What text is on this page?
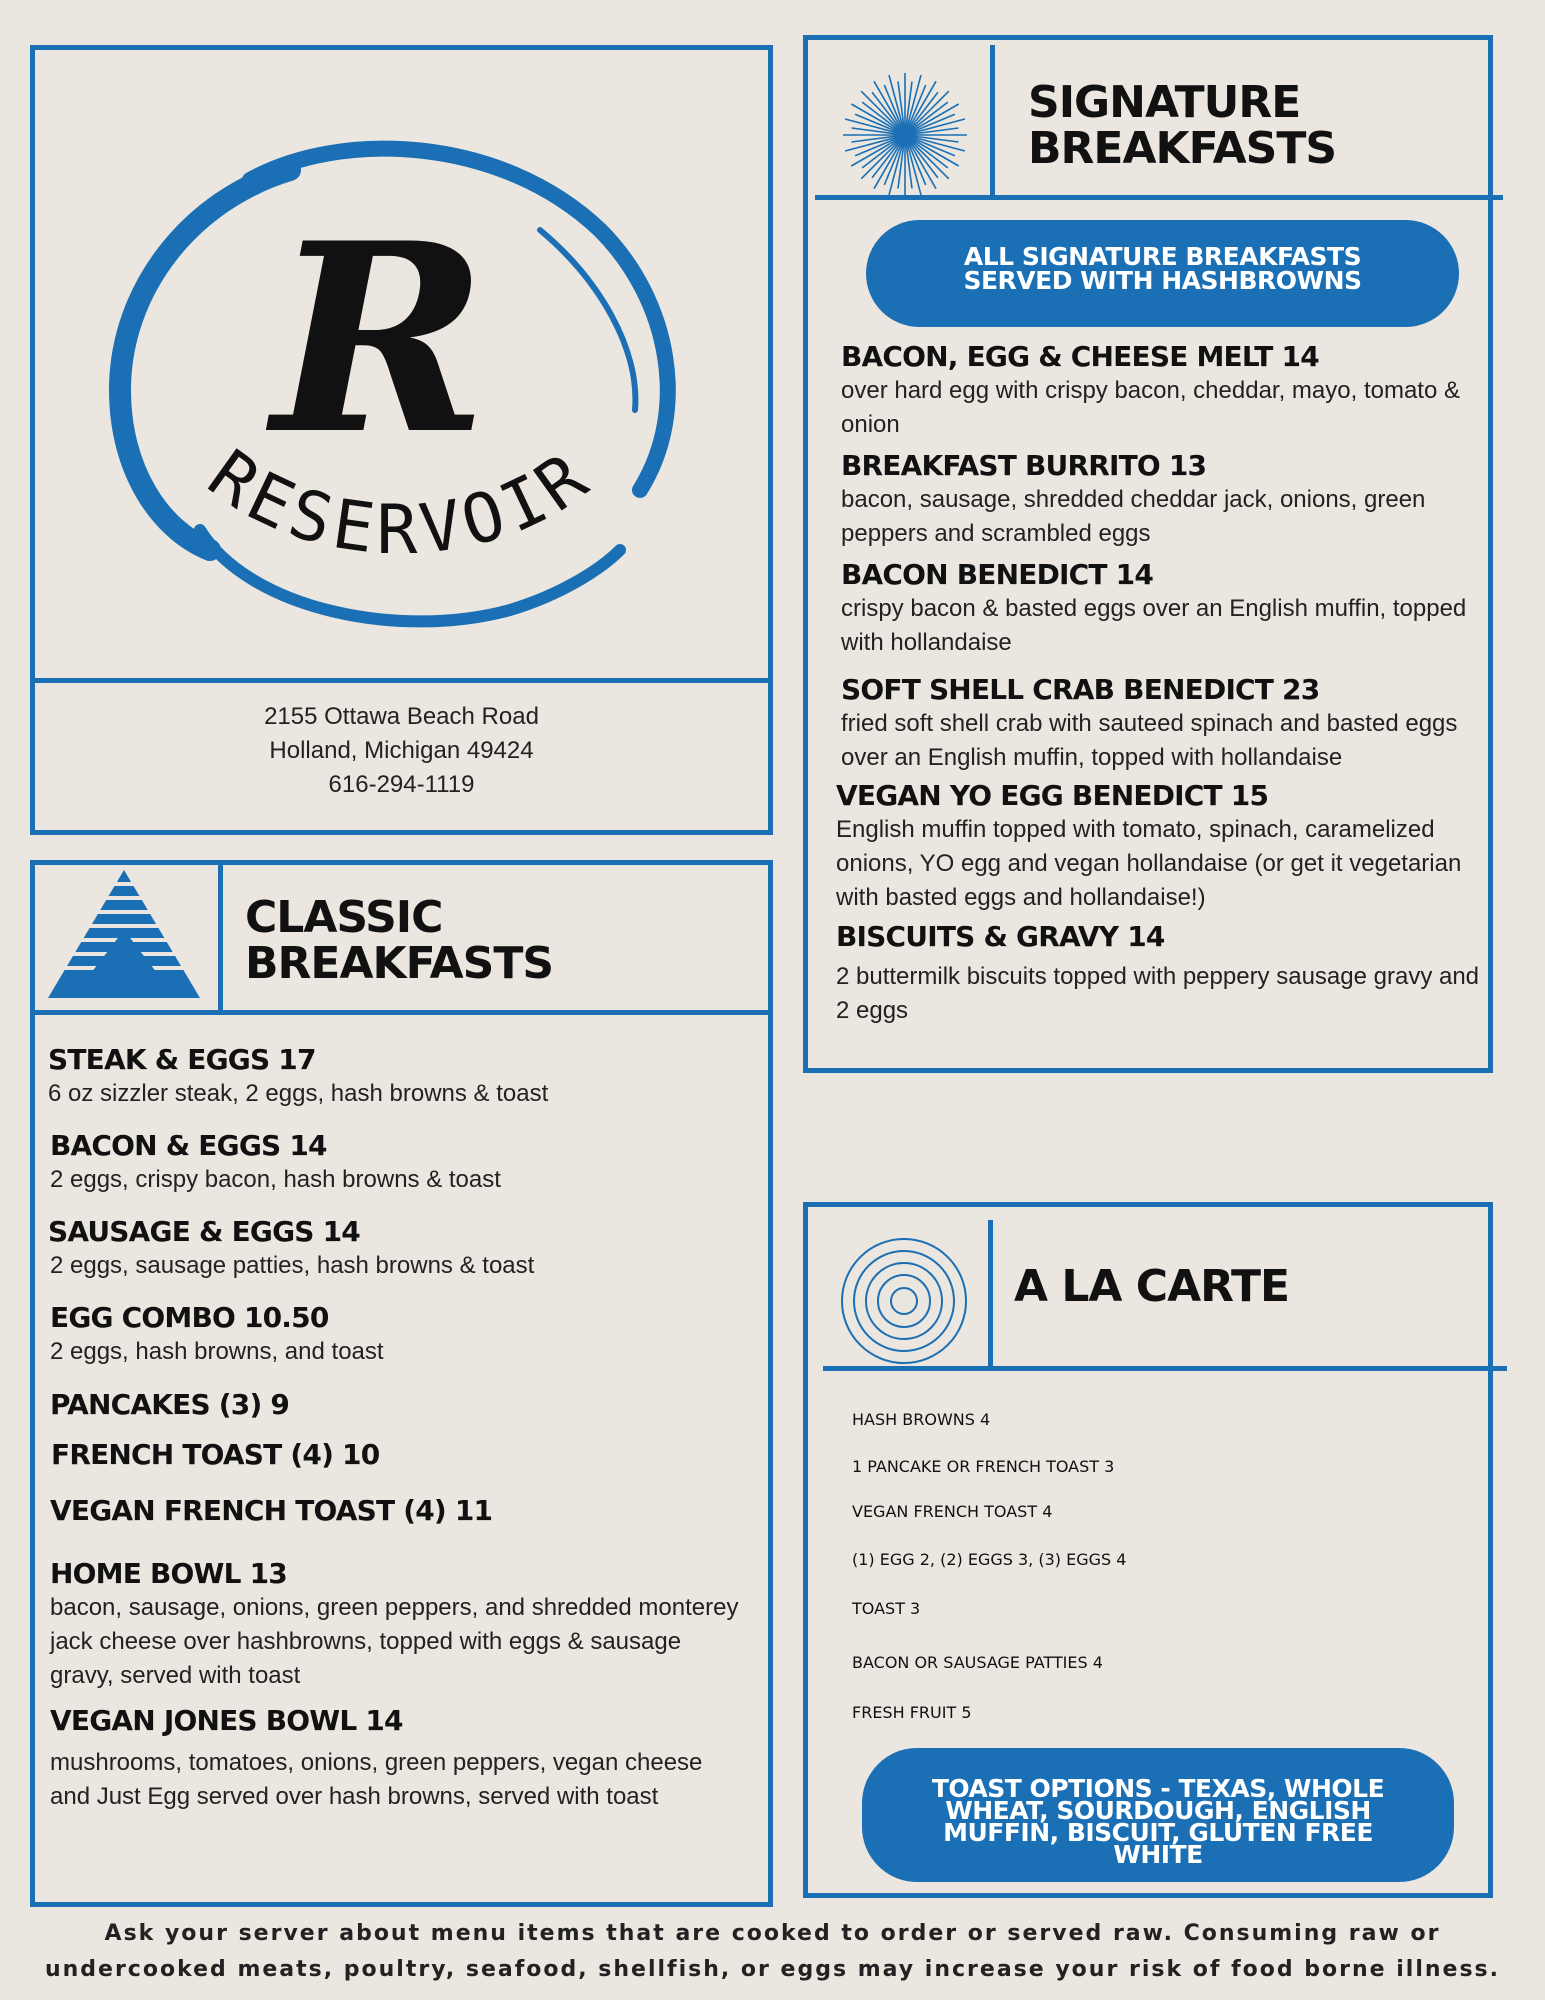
R
RESERVOIR
2155 Ottawa Beach Road
Holland, Michigan 49424
616-294-1119
CLASSIC
BREAKFASTS
STEAK & EGGS 17
6 oz sizzler steak, 2 eggs, hash browns & toast
BACON & EGGS 14
2 eggs, crispy bacon, hash browns & toast
SAUSAGE & EGGS 14
2 eggs, sausage patties, hash browns & toast
EGG COMBO 10.50
2 eggs, hash browns, and toast
PANCAKES (3) 9
FRENCH TOAST (4) 10
VEGAN FRENCH TOAST (4) 11
HOME BOWL 13
bacon, sausage, onions, green peppers, and shredded monterey jack cheese over hashbrowns, topped with eggs & sausage gravy, served with toast
VEGAN JONES BOWL 14
mushrooms, tomatoes, onions, green peppers, vegan cheese and Just Egg served over hash browns, served with toast
SIGNATURE
BREAKFASTS
ALL SIGNATURE BREAKFASTS SERVED WITH HASHBROWNS
BACON, EGG & CHEESE MELT 14
over hard egg with crispy bacon, cheddar, mayo, tomato & onion
BREAKFAST BURRITO 13
bacon, sausage, shredded cheddar jack, onions, green peppers and scrambled eggs
BACON BENEDICT 14
crispy bacon & basted eggs over an English muffin, topped with hollandaise
SOFT SHELL CRAB BENEDICT 23
fried soft shell crab with sauteed spinach and basted eggs over an English muffin, topped with hollandaise
VEGAN YO EGG BENEDICT 15
English muffin topped with tomato, spinach, caramelized onions, YO egg and vegan hollandaise (or get it vegetarian with basted eggs and hollandaise!)
BISCUITS & GRAVY 14
2 buttermilk biscuits topped with peppery sausage gravy and 2 eggs
A LA CARTE
HASH BROWNS 4
1 PANCAKE OR FRENCH TOAST 3
VEGAN FRENCH TOAST 4
(1) EGG 2, (2) EGGS 3, (3) EGGS 4
TOAST 3
BACON OR SAUSAGE PATTIES 4
FRESH FRUIT 5
TOAST OPTIONS - TEXAS, WHOLE WHEAT, SOURDOUGH, ENGLISH MUFFIN, BISCUIT, GLUTEN FREE WHITE
Ask your server about menu items that are cooked to order or served raw. Consuming raw or
undercooked meats, poultry, seafood, shellfish, or eggs may increase your risk of food borne illness.
